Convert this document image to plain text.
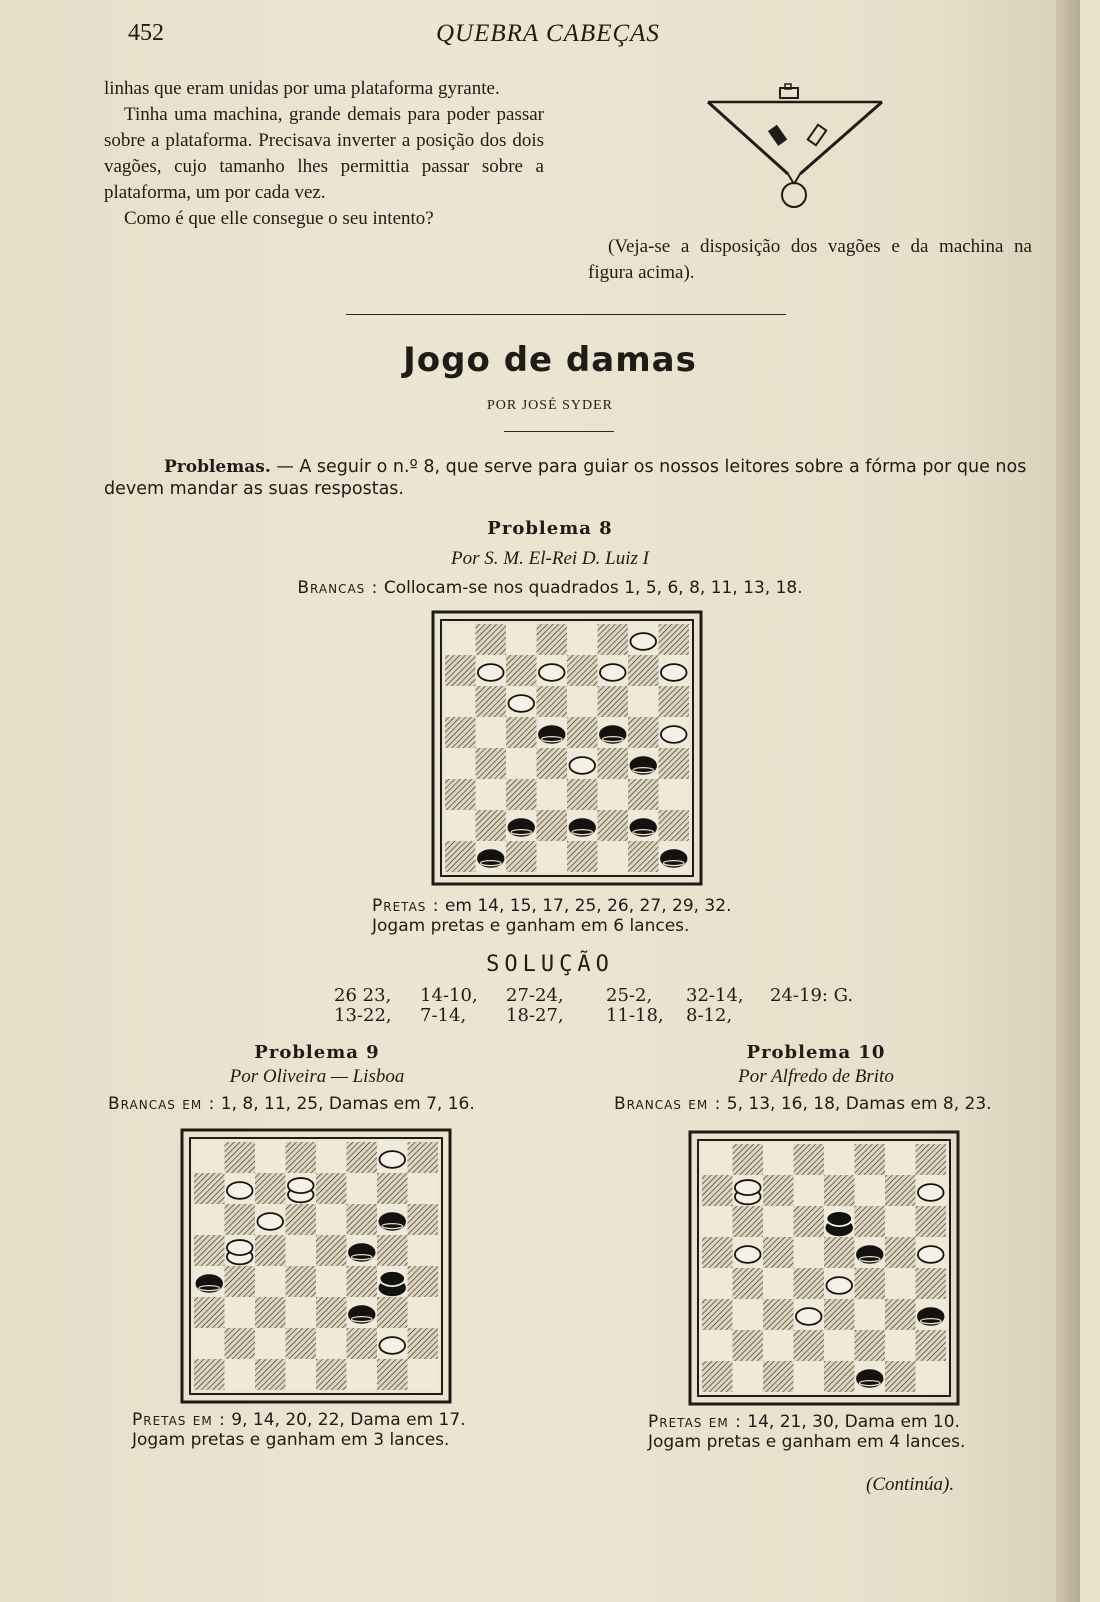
452	QUEBRA CABEÇAS

linhas que eram unidas por uma plataforma gyrante.

Tinha uma machina, grande demais para poder passar sobre a plataforma. Precisava inverter a posição dos dois vagões, cujo tamanho lhes permittia passar sobre a plataforma, um por cada vez.

Como é que elle consegue o seu intento?

(Veja-se a disposição dos vagões e da machina na figura acima).

Jogo de damas
POR JOSÉ SYDER
Problemas. — A seguir o n.º 8, que serve para guiar os nossos leitores sobre a fórma por que nos devem mandar as suas respostas.
Problema 8
Por S. M. El-Rei D. Luiz I
Brancas : Collocam-se nos quadrados 1, 5, 6, 8, 11, 13, 18.
Pretas : em 14, 15, 17, 25, 26, 27, 29, 32.
Jogam pretas e ganham em 6 lances.
SOLUÇÃO
26 23,	14-10,	27-24,	25-2,	32-14,	24-19: G.
13-22,	7-14,	18-27,	11-18,	8-12,
Problema 9
Por Oliveira — Lisboa
Brancas em : 1, 8, 11, 25, Damas em 7, 16.
Pretas em : 9, 14, 20, 22, Dama em 17.
Jogam pretas e ganham em 3 lances.
Problema 10
Por Alfredo de Brito
Brancas em : 5, 13, 16, 18, Damas em 8, 23.
Pretas em : 14, 21, 30, Dama em 10.
Jogam pretas e ganham em 4 lances.
(Continúa).
